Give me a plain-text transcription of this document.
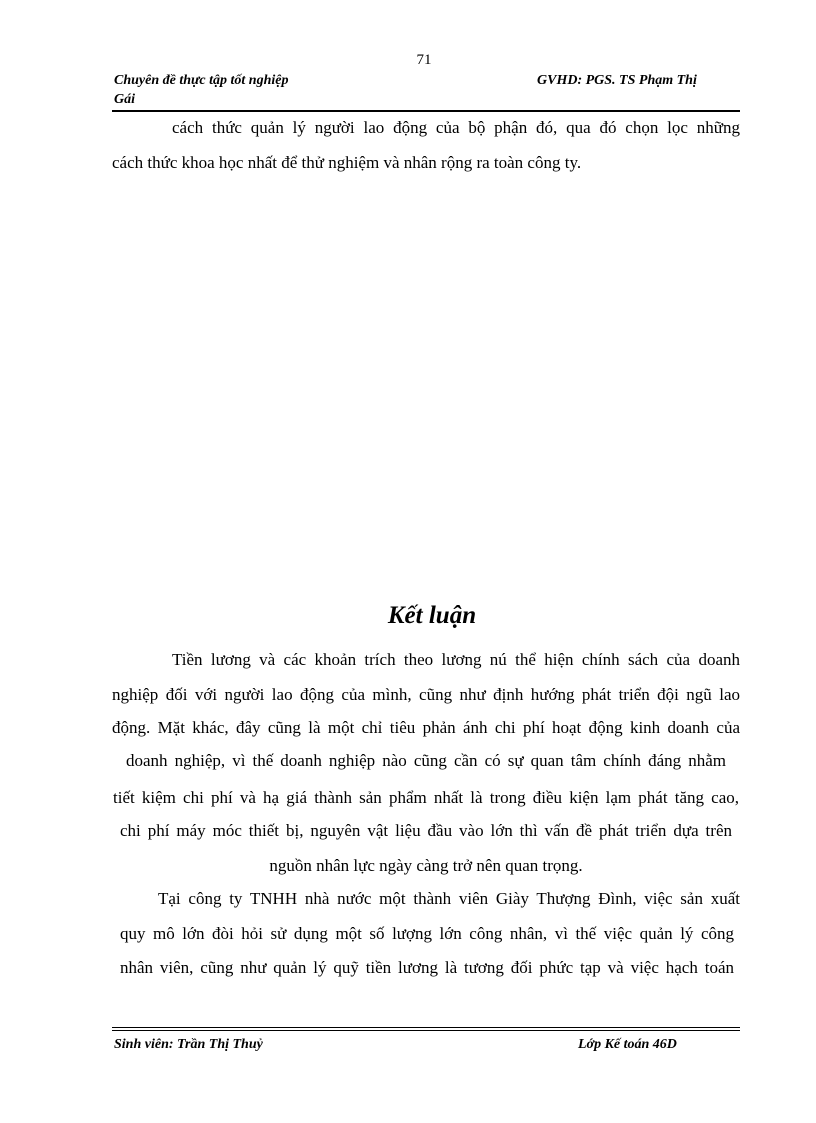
71
Chuyên đề thực tập tốt nghiệp	GVHD: PGS. TS Phạm Thị
Gái
cách thức quản lý người lao động của bộ phận đó, qua đó chọn lọc những
cách thức khoa học nhất để thử nghiệm và nhân rộng ra toàn công ty.
Kết luận
Tiền lương và các khoản trích theo lương nú thể hiện chính sách của doanh
nghiệp đối với người lao động của mình, cũng như định hướng phát triển đội ngũ lao
động. Mặt khác, đây cũng là một chỉ tiêu phản ánh chi phí hoạt động kinh doanh của
doanh nghiệp, vì thế doanh nghiệp nào cũng cần có sự quan tâm chính đáng nhằm
tiết kiệm chi phí và hạ giá thành sản phẩm nhất là trong điều kiện lạm phát tăng cao,
chi phí máy móc thiết bị, nguyên vật liệu đầu vào lớn thì vấn đề phát triển dựa trên
nguồn nhân lực ngày càng trở nên quan trọng.
Tại công ty TNHH nhà nước một thành viên Giày Thượng Đình, việc sản xuất
quy mô lớn đòi hỏi sử dụng một số lượng lớn công nhân, vì thế việc quản lý công
nhân viên, cũng như quản lý quỹ tiền lương là tương đối phức tạp và việc hạch toán
Sinh viên: Trần Thị Thuỷ	Lớp Kế toán 46D
